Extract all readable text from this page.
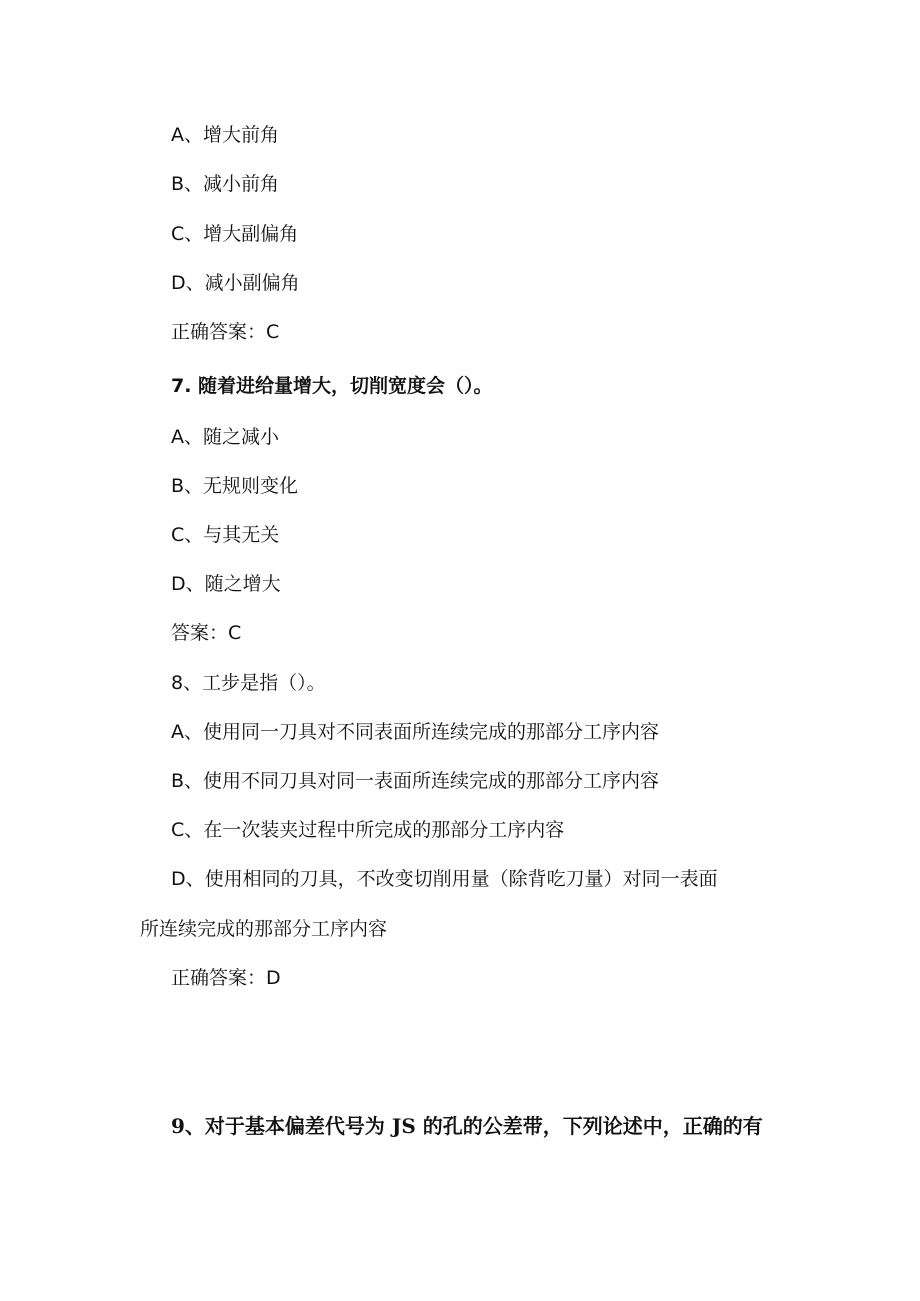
A、增大前角

B、减小前角

C、增大副偏角

D、减小副偏角

正确答案：C

7. 随着进给量增大，切削宽度会（）。

A、随之减小

B、无规则变化

C、与其无关

D、随之增大

答案：C

8、工步是指（）。

A、使用同一刀具对不同表面所连续完成的那部分工序内容

B、使用不同刀具对同一表面所连续完成的那部分工序内容

C、在一次装夹过程中所完成的那部分工序内容

D、使用相同的刀具，不改变切削用量（除背吃刀量）对同一表面

所连续完成的那部分工序内容

正确答案：D

9、对于基本偏差代号为 JS 的孔的公差带，下列论述中，正确的有
